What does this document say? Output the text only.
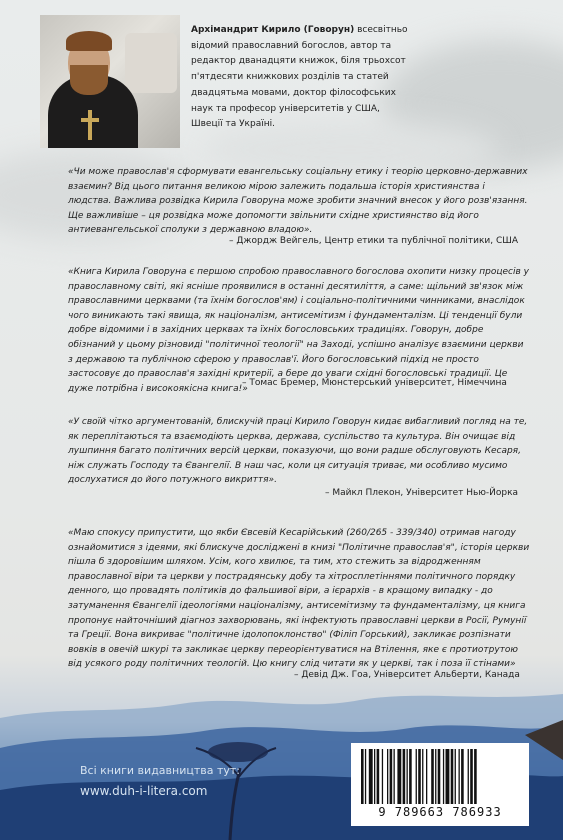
Архімандрит Кирило (Говорун) всесвітньо відомий православний богослов, автор та редактор дванадцяти книжок, біля трьохсот п'ятдесяти книжкових розділів та статей двадцятьма мовами, доктор філософських наук та професор університетів у США, Швеції та Україні.

«Чи може православ'я сформувати евангельську соціальну етику і теорію церковно-державних взаємин? Від цього питання великою мірою залежить подальша історія християнства і людства. Важлива розвідка Кирила Говоруна може зробити значний внесок у його розв'язання. Ще важливіше – ця розвідка може допомогти звільнити східне християнство від його антиевангельської сполуки з державною владою».

– Джордж Вейгель, Центр етики та публічної політики, США

«Книга Кирила Говоруна є першою спробою православного богослова охопити низку процесів у православному світі, які ясніше проявилися в останні десятиліття, а саме: щільний зв'язок між православними церквами (та їхнім богослов'ям) і соціально-політичними чинниками, внаслідок чого виникають такі явища, як націоналізм, антисемітизм і фундаменталізм. Ці тенденції були добре відомими і в західних церквах та їхніх богословських традиціях. Говорун, добре обізнаний у цьому різновиді "політичної теології" на Заході, успішно аналізує взаємини церкви з державою та публічною сферою у православ'ї. Його богословський підхід не просто застосовує до православ'я західні критерії, а бере до уваги східні богословські традиції. Це дуже потрібна і високоякісна книга!»

– Томас Бремер, Мюнстерський університет, Німеччина

«У своїй чітко аргументованій, блискучій праці Кирило Говорун кидає вибагливий погляд на те, як переплітаються та взаємодіють церква, держава, суспільство та культура. Він очищає від лушпиння багато політичних версій церкви, показуючи, що вони радше обслуговують Кесаря, ніж служать Господу та Євангелії. В наш час, коли ця ситуація триває, ми особливо мусимо дослухатися до його потужного викриття».

– Майкл Плекон, Університет Нью-Йорка

«Маю спокусу припустити, що якби Євсевій Кесарійський (260/265 - 339/340) отримав нагоду ознайомитися з ідеями, які блискуче досліджені в книзі "Політичне православ'я", історія церкви пішла б здоровішим шляхом. Усім, кого хвилює, та тим, хто стежить за відродженням православної віри та церкви у пострадянську добу та хітросплетіннями політичного порядку денного, що провадять політиків до фальшивої віри, а ієрархів - в кращому випадку - до затуманення Євангелії ідеологіями націоналізму, антисемітизму та фундаменталізму, ця книга пропонує найточніший діагноз захворювань, які інфектують православні церкви в Росії, Румунії та Греції. Вона викриває "політичне ідолопоклонство" (Філіп Горський), закликає розпізнати вовків в овечій шкурі та закликає церкву переорієнтуватися на Втілення, яке є протиотрутою від усякого роду політичних теологій. Цю книгу слід читати як у церкві, так і поза її стінами»

– Девід Дж. Гоа, Університет Альберти, Канада

Всі книги видавництва тут:

www.duh-i-litera.com

9 789663 786933
